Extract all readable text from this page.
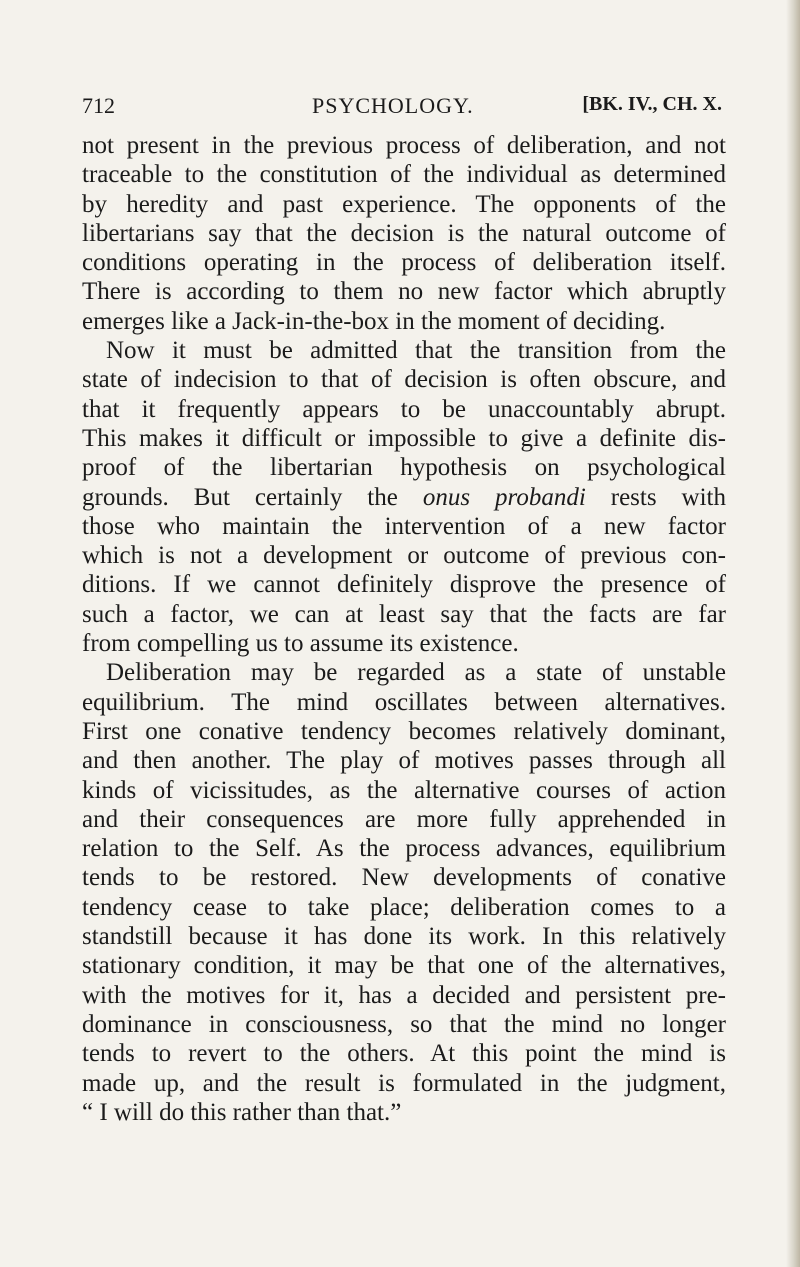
712	PSYCHOLOGY.	[BK. IV., CH. X.
not present in the previous process of deliberation, and not
traceable to the constitution of the individual as determined
by heredity and past experience. The opponents of the
libertarians say that the decision is the natural outcome of
conditions operating in the process of deliberation itself.
There is according to them no new factor which abruptly
emerges like a Jack-in-the-box in the moment of deciding.
Now it must be admitted that the transition from the
state of indecision to that of decision is often obscure, and
that it frequently appears to be unaccountably abrupt.
This makes it difficult or impossible to give a definite dis-
proof of the libertarian hypothesis on psychological
grounds. But certainly the onus probandi rests with
those who maintain the intervention of a new factor
which is not a development or outcome of previous con-
ditions. If we cannot definitely disprove the presence of
such a factor, we can at least say that the facts are far
from compelling us to assume its existence.
Deliberation may be regarded as a state of unstable
equilibrium. The mind oscillates between alternatives.
First one conative tendency becomes relatively dominant,
and then another. The play of motives passes through all
kinds of vicissitudes, as the alternative courses of action
and their consequences are more fully apprehended in
relation to the Self. As the process advances, equilibrium
tends to be restored. New developments of conative
tendency cease to take place; deliberation comes to a
standstill because it has done its work. In this relatively
stationary condition, it may be that one of the alternatives,
with the motives for it, has a decided and persistent pre-
dominance in consciousness, so that the mind no longer
tends to revert to the others. At this point the mind is
made up, and the result is formulated in the judgment,
“ I will do this rather than that.”
